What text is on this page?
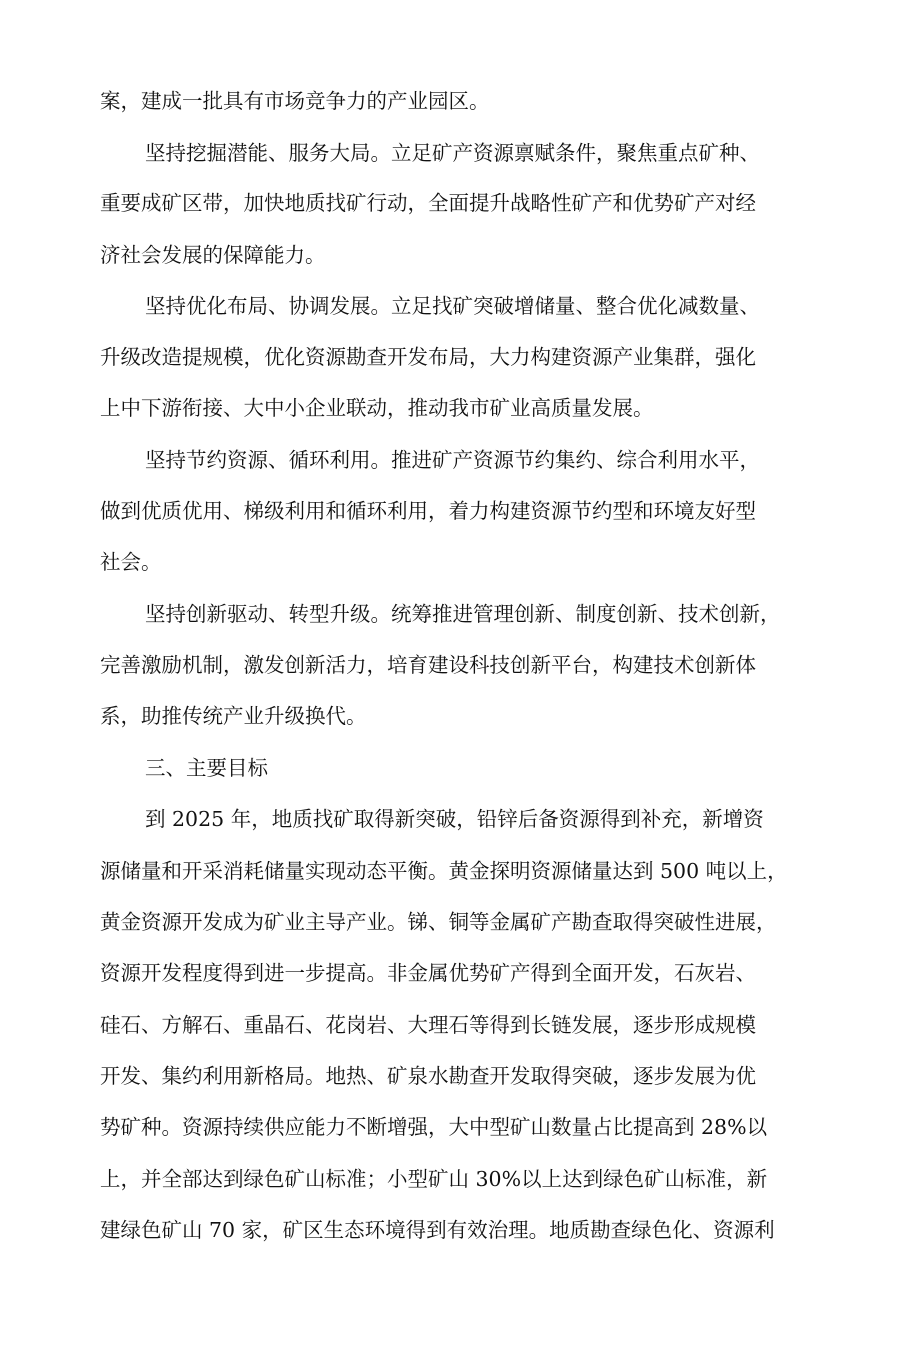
案，建成一批具有市场竞争力的产业园区。

坚持挖掘潜能、服务大局。立足矿产资源禀赋条件，聚焦重点矿种、

重要成矿区带，加快地质找矿行动，全面提升战略性矿产和优势矿产对经

济社会发展的保障能力。

坚持优化布局、协调发展。立足找矿突破增储量、整合优化减数量、

升级改造提规模，优化资源勘查开发布局，大力构建资源产业集群，强化

上中下游衔接、大中小企业联动，推动我市矿业高质量发展。

坚持节约资源、循环利用。推进矿产资源节约集约、综合利用水平，

做到优质优用、梯级利用和循环利用，着力构建资源节约型和环境友好型

社会。

坚持创新驱动、转型升级。统筹推进管理创新、制度创新、技术创新，

完善激励机制，激发创新活力，培育建设科技创新平台，构建技术创新体

系，助推传统产业升级换代。

三、主要目标

到 2025 年，地质找矿取得新突破，铅锌后备资源得到补充，新增资

源储量和开采消耗储量实现动态平衡。黄金探明资源储量达到 500 吨以上，

黄金资源开发成为矿业主导产业。锑、铜等金属矿产勘查取得突破性进展，

资源开发程度得到进一步提高。非金属优势矿产得到全面开发，石灰岩、

硅石、方解石、重晶石、花岗岩、大理石等得到长链发展，逐步形成规模

开发、集约利用新格局。地热、矿泉水勘查开发取得突破，逐步发展为优

势矿种。资源持续供应能力不断增强，大中型矿山数量占比提高到 28%以

上，并全部达到绿色矿山标准；小型矿山 30%以上达到绿色矿山标准，新

建绿色矿山 70 家，矿区生态环境得到有效治理。地质勘查绿色化、资源利
